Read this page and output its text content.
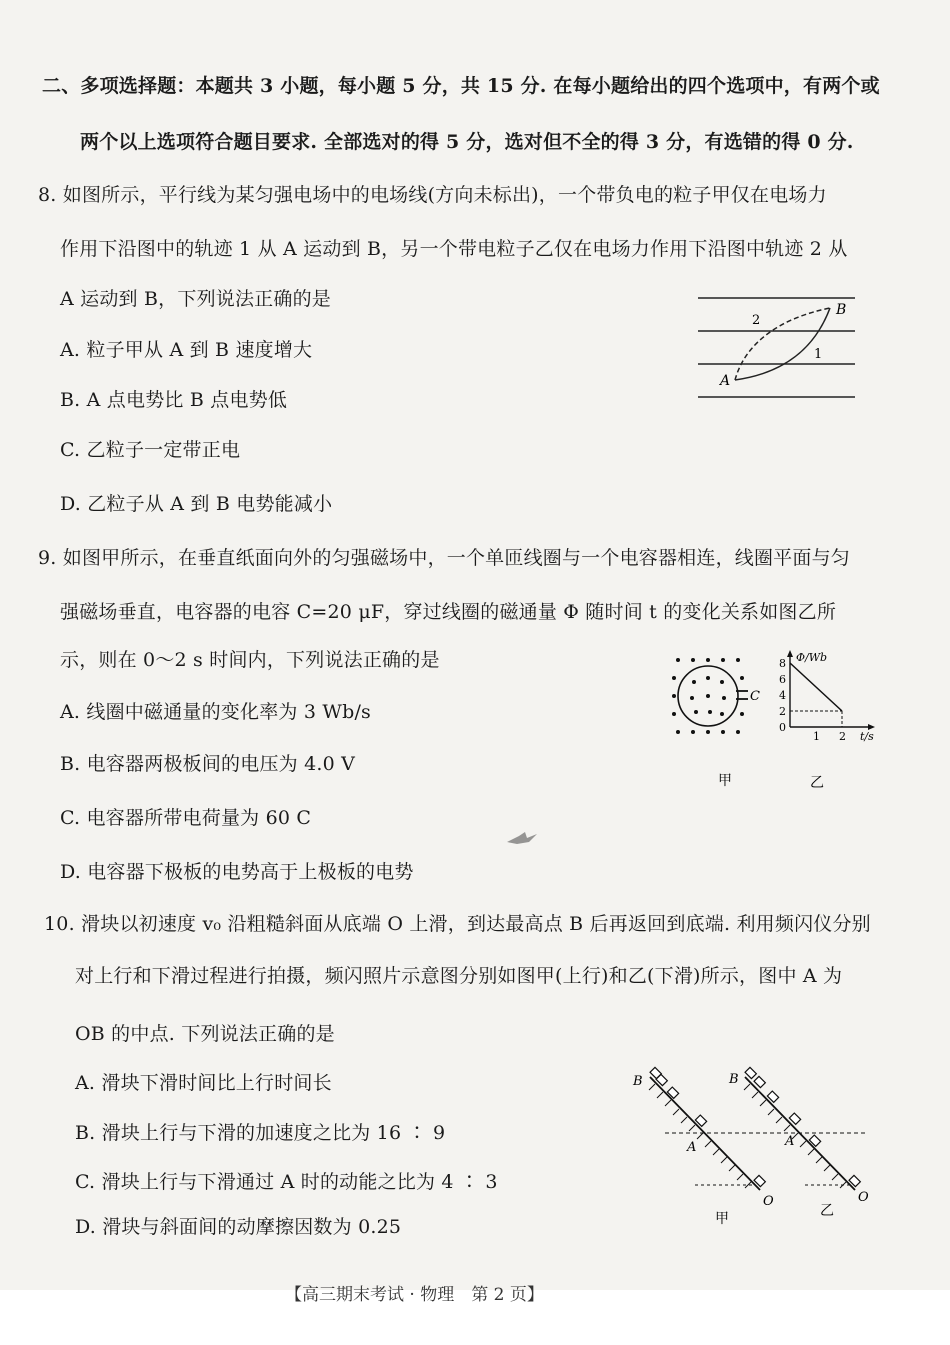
二、多项选择题：本题共 3 小题，每小题 5 分，共 15 分. 在每小题给出的四个选项中，有两个或
两个以上选项符合题目要求. 全部选对的得 5 分，选对但不全的得 3 分，有选错的得 0 分.
8. 如图所示，平行线为某匀强电场中的电场线(方向未标出)，一个带负电的粒子甲仅在电场力
作用下沿图中的轨迹 1 从 A 运动到 B，另一个带电粒子乙仅在电场力作用下沿图中轨迹 2 从
A 运动到 B，下列说法正确的是
A. 粒子甲从 A 到 B 速度增大
B. A 点电势比 B 点电势低
C. 乙粒子一定带正电
D. 乙粒子从 A 到 B 电势能减小
A
B
1
2
9. 如图甲所示，在垂直纸面向外的匀强磁场中，一个单匝线圈与一个电容器相连，线圈平面与匀
强磁场垂直，电容器的电容 C=20 μF，穿过线圈的磁通量 Φ 随时间 t 的变化关系如图乙所
示，则在 0～2 s 时间内，下列说法正确的是
A. 线圈中磁通量的变化率为 3 Wb/s
B. 电容器两极板间的电压为 4.0 V
C. 电容器所带电荷量为 60 C
D. 电容器下极板的电势高于上极板的电势
C
甲
Φ/Wb
t/s
8
6
4
2
0
1 2
乙
10. 滑块以初速度 v₀ 沿粗糙斜面从底端 O 上滑，到达最高点 B 后再返回到底端. 利用频闪仪分别
对上行和下滑过程进行拍摄，频闪照片示意图分别如图甲(上行)和乙(下滑)所示，图中 A 为
OB 的中点. 下列说法正确的是
A. 滑块下滑时间比上行时间长
B. 滑块上行与下滑的加速度之比为 16 ∶ 9
C. 滑块上行与下滑通过 A 时的动能之比为 4 ∶ 3
D. 滑块与斜面间的动摩擦因数为 0.25
B
A
O
甲
B
A
O
乙
